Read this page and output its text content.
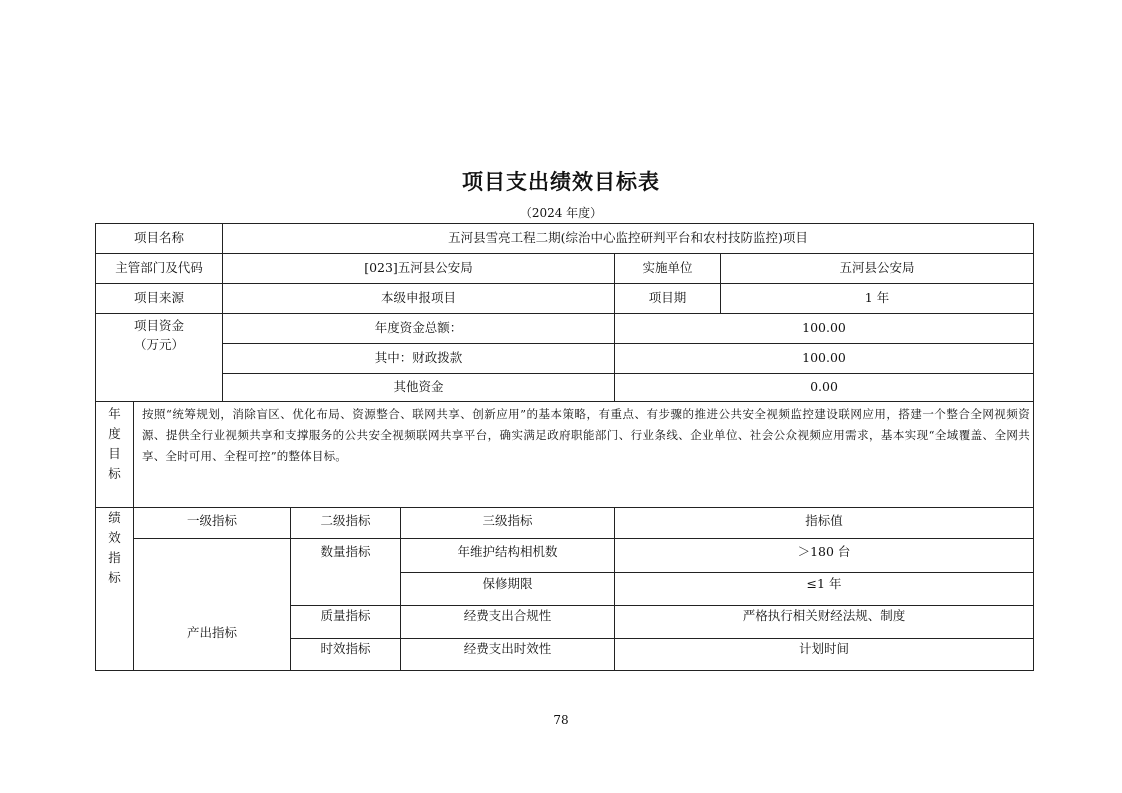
项目支出绩效目标表
（2024 年度）
项目名称	五河县雪亮工程二期(综治中心监控研判平台和农村技防监控)项目
主管部门及代码	[023]五河县公安局	实施单位	五河县公安局
项目来源	本级申报项目	项目期	1 年
项目资金
（万元）
年度资金总额：	100.00
其中：财政拨款	100.00
其他资金	0.00
年
度
目
标
按照“统筹规划，消除盲区、优化布局、资源整合、联网共享、创新应用”的基本策略，有重点、有步骤的推进公共安全视频监控建设联网应用，搭建一个整合全网视频资源、提供全行业视频共享和支撑服务的公共安全视频联网共享平台，确实满足政府职能部门、行业条线、企业单位、社会公众视频应用需求，基本实现“全域覆盖、全网共享、全时可用、全程可控”的整体目标。
绩
效
指
标
一级指标	二级指标	三级指标	指标值
产出指标
数量指标	年维护结构相机数	＞180 台
保修期限	≤1 年
质量指标	经费支出合规性	严格执行相关财经法规、制度
时效指标	经费支出时效性	计划时间
78
